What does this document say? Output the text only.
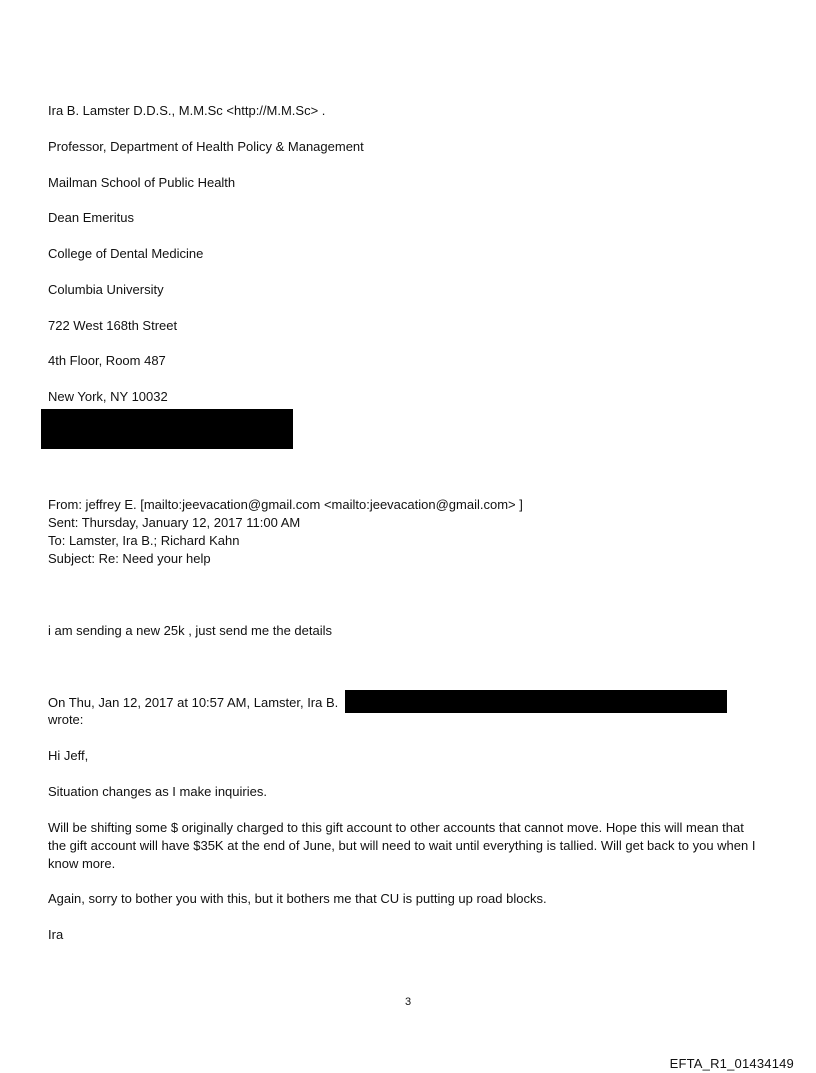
Ira B. Lamster D.D.S., M.M.Sc <http://M.M.Sc> .
Professor, Department of Health Policy & Management
Mailman School of Public Health
Dean Emeritus
College of Dental Medicine
Columbia University
722 West 168th Street
4th Floor, Room 487
New York, NY 10032
From: jeffrey E. [mailto:jeevacation@gmail.com <mailto:jeevacation@gmail.com> ]
Sent: Thursday, January 12, 2017 11:00 AM
To: Lamster, Ira B.; Richard Kahn
Subject: Re: Need your help
i am sending a new 25k , just send me the details
On Thu, Jan 12, 2017 at 10:57 AM, Lamster, Ira B.
wrote:
Hi Jeff,
Situation changes as I make inquiries.
Will be shifting some $ originally charged to this gift account to other accounts that cannot move. Hope this will mean that the gift account will have $35K at the end of June, but will need to wait until everything is tallied. Will get back to you when I know more.
Again, sorry to bother you with this, but it bothers me that CU is putting up road blocks.
Ira
3
EFTA_R1_01434149
